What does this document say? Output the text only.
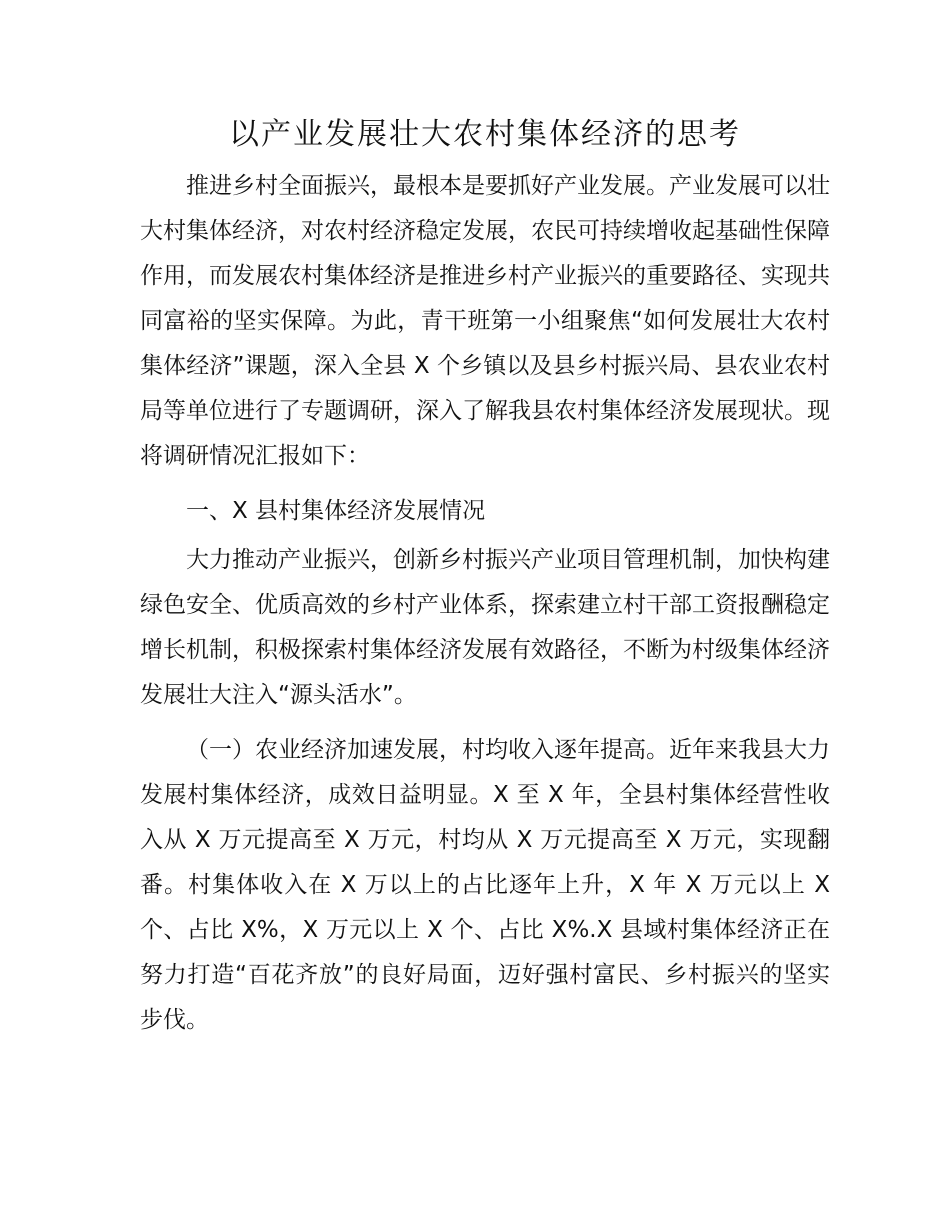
以产业发展壮大农村集体经济的思考

推进乡村全面振兴，最根本是要抓好产业发展。产业发展可以壮大村集体经济，对农村经济稳定发展，农民可持续增收起基础性保障作用，而发展农村集体经济是推进乡村产业振兴的重要路径、实现共同富裕的坚实保障。为此，青干班第一小组聚焦“如何发展壮大农村集体经济”课题，深入全县 X 个乡镇以及县乡村振兴局、县农业农村局等单位进行了专题调研，深入了解我县农村集体经济发展现状。现将调研情况汇报如下：

一、X 县村集体经济发展情况

大力推动产业振兴，创新乡村振兴产业项目管理机制，加快构建绿色安全、优质高效的乡村产业体系，探索建立村干部工资报酬稳定增长机制，积极探索村集体经济发展有效路径，不断为村级集体经济发展壮大注入“源头活水”。

（一）农业经济加速发展，村均收入逐年提高。近年来我县大力发展村集体经济，成效日益明显。X 至 X 年，全县村集体经营性收入从 X 万元提高至 X 万元，村均从 X 万元提高至 X 万元，实现翻番。村集体收入在 X 万以上的占比逐年上升，X 年 X 万元以上 X 个、占比 X%，X 万元以上 X 个、占比 X%.X 县域村集体经济正在努力打造“百花齐放”的良好局面，迈好强村富民、乡村振兴的坚实步伐。
